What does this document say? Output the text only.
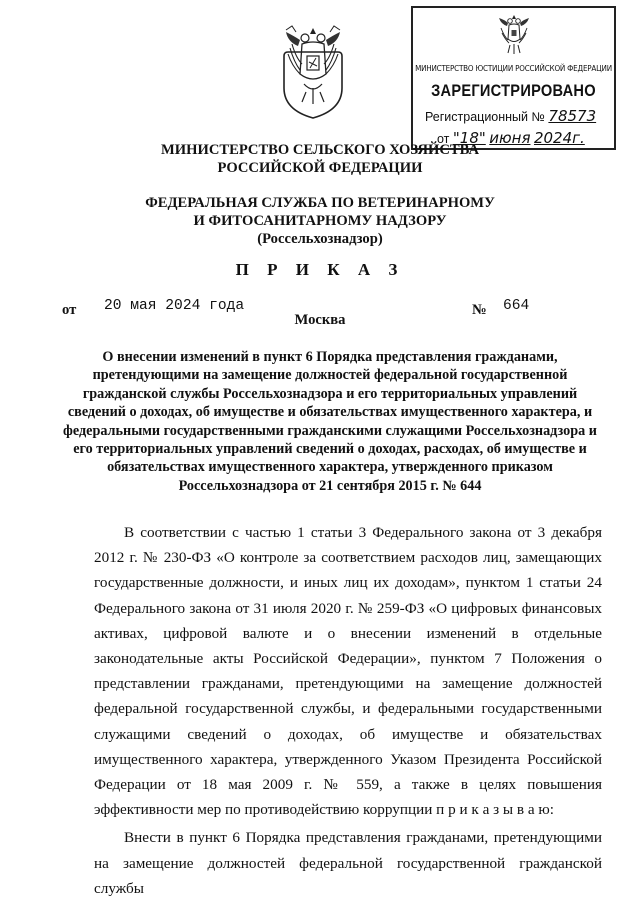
МИНИСТЕРСТВО ЮСТИЦИИ РОССИЙСКОЙ ФЕДЕРАЦИИ
ЗАРЕГИСТРИРОВАНО
Регистрационный № 78573
от "18" июня 2024г.
МИНИСТЕРСТВО СЕЛЬСКОГО ХОЗЯЙСТВА
РОССИЙСКОЙ ФЕДЕРАЦИИ
ФЕДЕРАЛЬНАЯ СЛУЖБА ПО ВЕТЕРИНАРНОМУ
И ФИТОСАНИТАРНОМУ НАДЗОРУ
(Россельхознадзор)
П Р И К А З
от 20 мая 2024 года	№ 664
Москва
О внесении изменений в пункт 6 Порядка представления гражданами, претендующими на замещение должностей федеральной государственной гражданской службы Россельхознадзора и его территориальных управлений сведений о доходах, об имуществе и обязательствах имущественного характера, и федеральными государственными гражданскими служащими Россельхознадзора и его территориальных управлений сведений о доходах, расходах, об имуществе и обязательствах имущественного характера, утвержденного приказом Россельхознадзора от 21 сентября 2015 г. № 644

В соответствии с частью 1 статьи 3 Федерального закона от 3 декабря 2012 г. № 230-ФЗ «О контроле за соответствием расходов лиц, замещающих государственные должности, и иных лиц их доходам», пунктом 1 статьи 24 Федерального закона от 31 июля 2020 г. № 259-ФЗ «О цифровых финансовых активах, цифровой валюте и о внесении изменений в отдельные законодательные акты Российской Федерации», пунктом 7 Положения о представлении гражданами, претендующими на замещение должностей федеральной государственной службы, и федеральными государственными служащими сведений о доходах, об имуществе и обязательствах имущественного характера, утвержденного Указом Президента Российской Федерации от 18 мая 2009 г. № 559, а также в целях повышения эффективности мер по противодействию коррупции п р и к а з ы в а ю:

Внести в пункт 6 Порядка представления гражданами, претендующими на замещение должностей федеральной государственной гражданской службы
